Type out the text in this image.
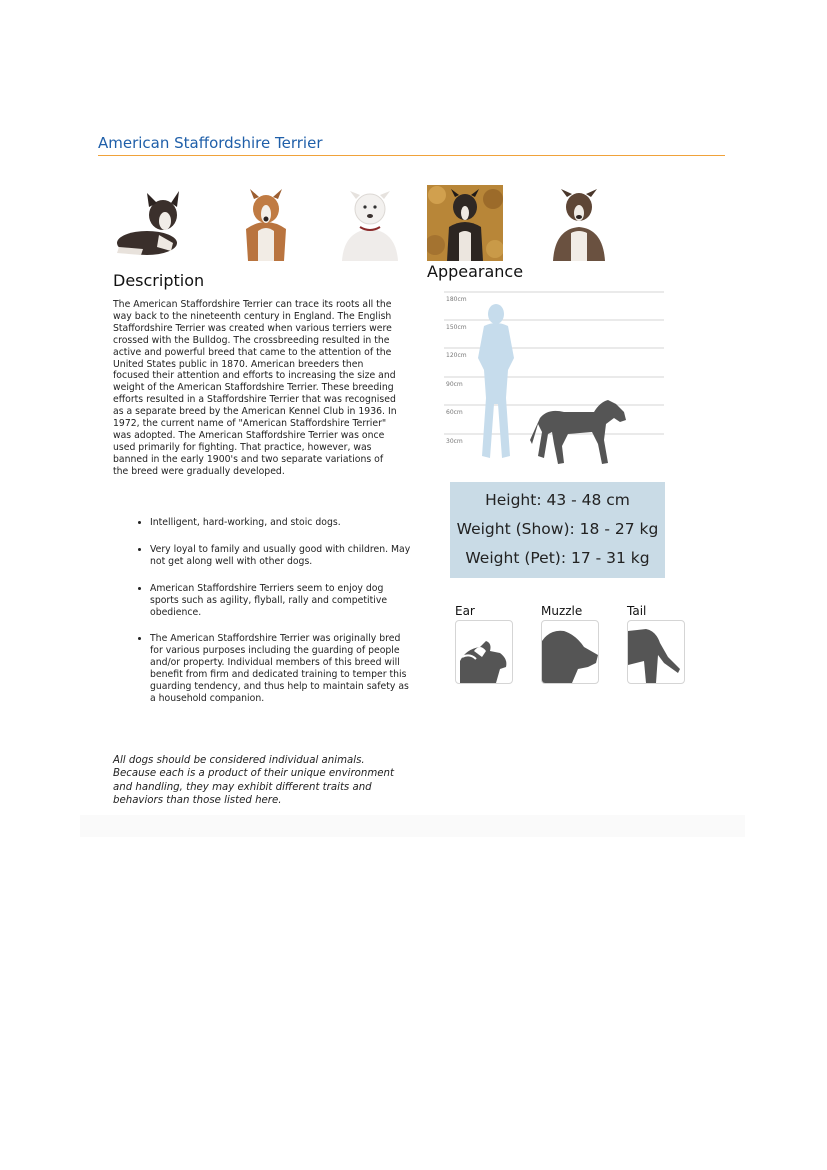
American Staffordshire Terrier
Description
The American Staffordshire Terrier can trace its roots all the way back to the nineteenth century in England. The English Staffordshire Terrier was created when various terriers were crossed with the Bulldog. The crossbreeding resulted in the active and powerful breed that came to the attention of the United States public in 1870. American breeders then focused their attention and efforts to increasing the size and weight of the American Staffordshire Terrier. These breeding efforts resulted in a Staffordshire Terrier that was recognised as a separate breed by the American Kennel Club in 1936. In 1972, the current name of "American Staffordshire Terrier" was adopted. The American Staffordshire Terrier was once used primarily for fighting. That practice, however, was banned in the early 1900's and two separate variations of the breed were gradually developed.
• Intelligent, hard-working, and stoic dogs.
• Very loyal to family and usually good with children. May not get along well with other dogs.
• American Staffordshire Terriers seem to enjoy dog sports such as agility, flyball, rally and competitive obedience.
• The American Staffordshire Terrier was originally bred for various purposes including the guarding of people and/or property. Individual members of this breed will benefit from firm and dedicated training to temper this guarding tendency, and thus help to maintain safety as a household companion.
All dogs should be considered individual animals. Because each is a product of their unique environment and handling, they may exhibit different traits and behaviors than those listed here.
Appearance
180cm
150cm
120cm
90cm
60cm
30cm
Height: 43 - 48 cm
Weight (Show): 18 - 27 kg
Weight (Pet): 17 - 31 kg
Ear	Muzzle	Tail
